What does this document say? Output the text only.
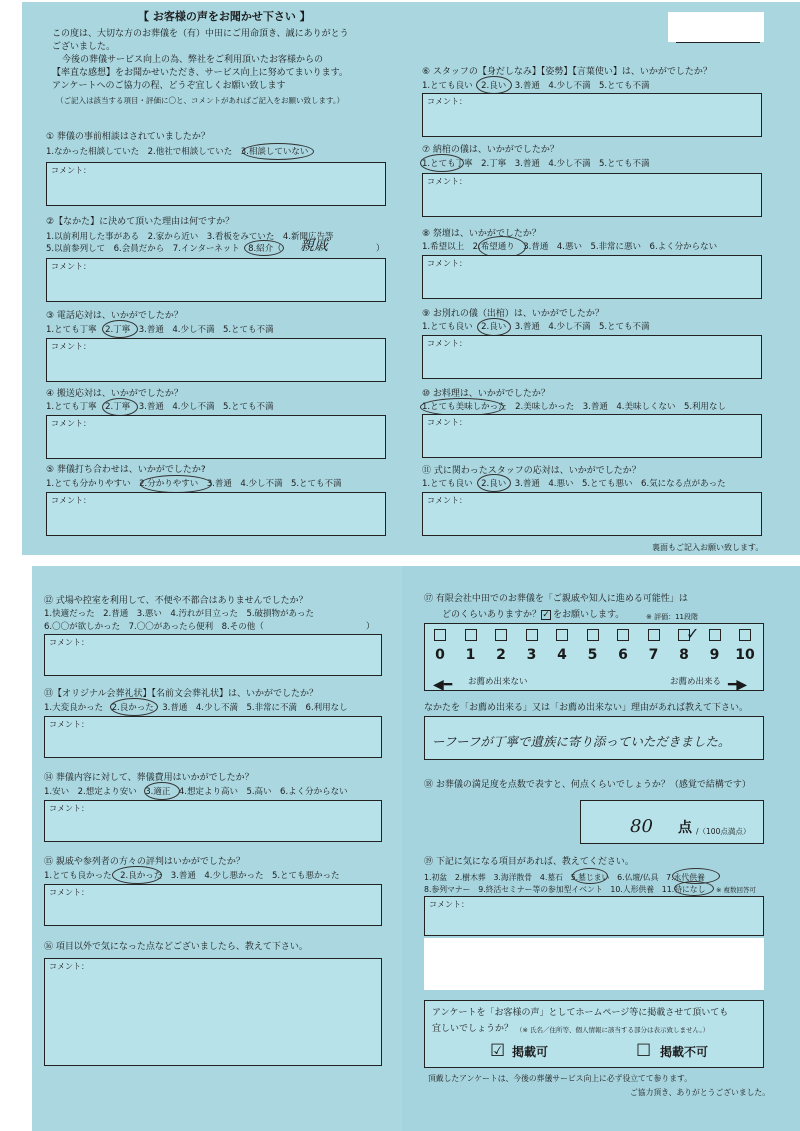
【 お客様の声をお聞かせ下さい 】
この度は、大切な方のお葬儀を（有）中田にご用命頂き、誠にありがとう
ございました。
今後の葬儀サービス向上の為、弊社をご利用頂いたお客様からの
【率直な感想】をお聞かせいただき、サービス向上に努めてまいります。
アンケートへのご協力の程、どうぞ宜しくお願い致します
（ご記入は該当する項目・評価に〇と、コメントがあればご記入をお願い致します。）
① 葬儀の事前相談はされていましたか？
1.なかった相談していた　2.他社で相談していた　3.相談していない
コメント：
②【なかた】に決めて頂いた理由は何ですか？
1.以前利用した事がある　2.家から近い　3.看板をみていた　4.新聞広告等
5.以前参列して　6.会員だから　7.インターネット　8.紹介（	）
親戚
コメント：
③ 電話応対は、いかがでしたか？
1.とても丁寧　2.丁寧　3.普通　4.少し不満　5.とても不満
コメント：
④ 搬送応対は、いかがでしたか？
1.とても丁寧　2.丁寧　3.普通　4.少し不満　5.とても不満
コメント：
⑤ 葬儀打ち合わせは、いかがでしたか?
1.とても分かりやすい　2.分かりやすい　3.普通　4.少し不満　5.とても不満
コメント：
⑥ スタッフの【身だしなみ】【姿勢】【言葉使い】は、いかがでしたか？
1.とても良い　2.良い　3.普通　4.少し不満　5.とても不満
コメント：
⑦ 納棺の儀は、いかがでしたか？
1.とても丁寧　2.丁寧　3.普通　4.少し不満　5.とても不満
コメント：
⑧ 祭壇は、いかがでしたか？
1.希望以上　2.希望通り　3.普通　4.悪い　5.非常に悪い　6.よく分からない
コメント：
⑨ お別れの儀（出棺）は、いかがでしたか？
1.とても良い　2.良い　3.普通　4.少し不満　5.とても不満
コメント：
⑩ お料理は、いかがでしたか？
1.とても美味しかった　2.美味しかった　3.普通　4.美味しくない　5.利用なし
コメント：
⑪ 式に関わったスタッフの応対は、いかがでしたか？
1.とても良い　2.良い　3.普通　4.悪い　5.とても悪い　6.気になる点があった
コメント：
裏面もご記入お願い致します。
⑫ 式場や控室を利用して、不便や不都合はありませんでしたか？
1.快適だった　2.普通　3.悪い　4.汚れが目立った　5.破損物があった
6.〇〇が欲しかった　7.〇〇があったら便利　8.その他（	）
コメント：
⑬【オリジナル会葬礼状】【名前文会葬礼状】は、いかがでしたか？
1.大変良かった　2.良かった　3.普通　4.少し不満　5.非常に不満　6.利用なし
コメント：
⑭ 葬儀内容に対して、葬儀費用はいかがでしたか？
1.安い　2.想定より安い　3.適正　4.想定より高い　5.高い　6.よく分からない
コメント：
⑮ 親戚や参列者の方々の評判はいかがでしたか？
1.とても良かった　2.良かった　3.普通　4.少し悪かった　5.とても悪かった
コメント：
⑯ 項目以外で気になった点などございましたら、教えて下さい。
コメント：
⑰ 有限会社中田でのお葬儀を「ご親戚や知人に進める可能性」は
どのくらいありますか？ ✓ をお願いします。	※ 評価：11段階
0	1	2	3	4	5	6	7	8	9	10
✓
◀━ お薦め出来ない	お薦め出来る ━▶
なかたを「お薦め出来る」又は「お薦め出来ない」理由があれば教えて下さい。
ーフーフが丁寧で遺族に寄り添っていただきました。
⑱ お葬儀の満足度を点数で表すと、何点くらいでしょうか？（感覚で結構です）
80 点 /（100点満点）
⑲ 下記に気になる項目があれば、教えてください。
1.初盆　2.樹木葬　3.海洋散骨　4.墓石　5.墓じまい　6.仏壇/仏具　7.永代供養
8.参列マナー　9.終活セミナー等の参加型イベント　10.人形供養　11.特になし ※ 複数回答可
コメント：
アンケートを「お客様の声」としてホームページ等に掲載させて頂いても
宜しいでしょうか？ （※ 氏名／住所等、個人情報に該当する部分は表示致しません。）
☑ 掲載可	☐ 掲載不可
頂戴したアンケートは、今後の葬儀サービス向上に必ず役立てて参ります。
ご協力頂き、ありがとうございました。
